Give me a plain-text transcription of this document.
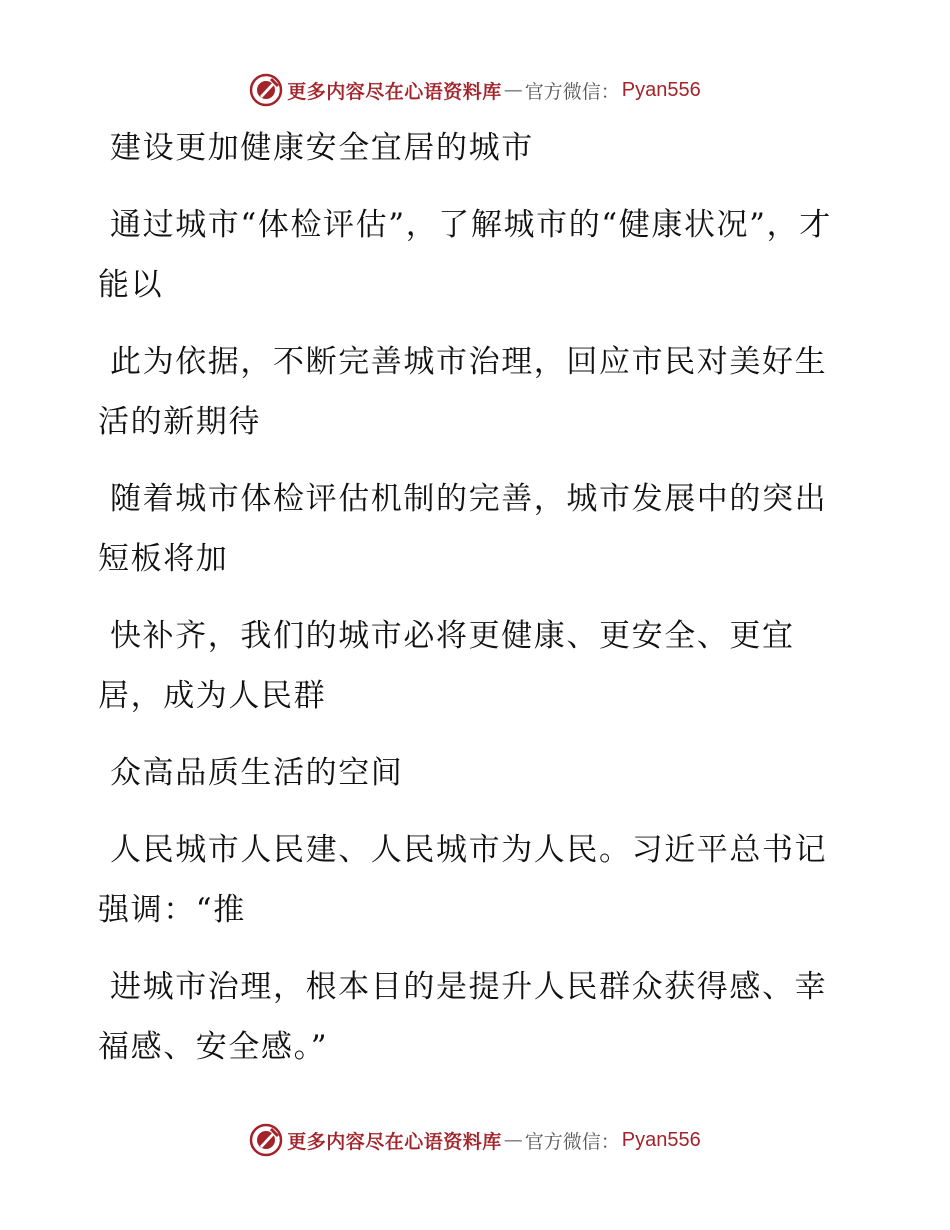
更多内容尽在心语资料库 — 官方微信： Pyan556

建设更加健康安全宜居的城市

通过城市“体检评估”，了解城市的“健康状况”，才能以

此为依据，不断完善城市治理，回应市民对美好生活的新期待

随着城市体检评估机制的完善，城市发展中的突出短板将加

快补齐，我们的城市必将更健康、更安全、更宜居，成为人民群

众高品质生活的空间

人民城市人民建、人民城市为人民。习近平总书记强调：“推

进城市治理，根本目的是提升人民群众获得感、幸福感、安全感。”

更多内容尽在心语资料库 — 官方微信： Pyan556
